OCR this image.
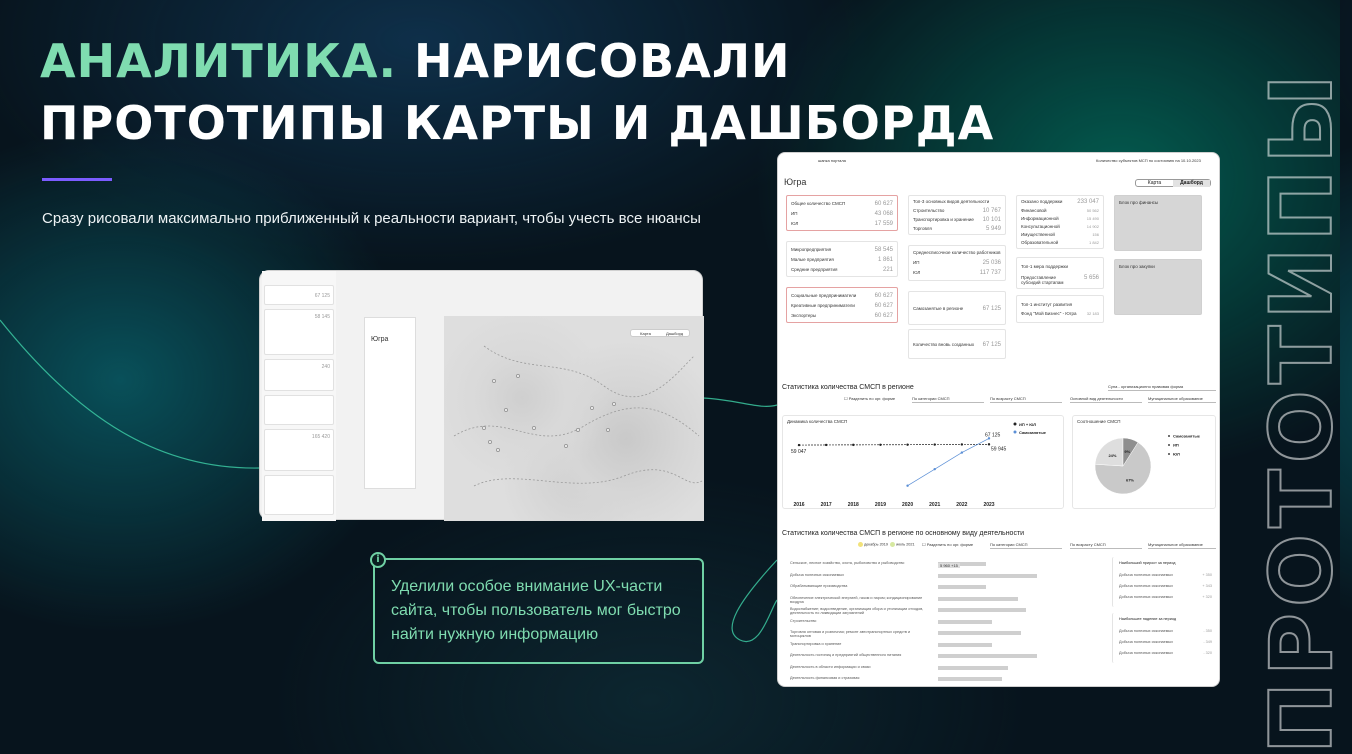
ПРОТОТИПЫ
АНАЛИТИКА. НАРИСОВАЛИ ПРОТОТИПЫ КАРТЫ И ДАШБОРДА
Сразу рисовали максимально приближенный к реальности вариант, чтобы учесть все нюансы
67 125
58 145
240
165 420
Югра
Карта	Дашборд
i
Уделили особое внимание UX-части сайта, чтобы пользователь мог быстро найти нужную информацию
шапка портала	Количество субъектов МСП по состоянию на 10.10.2023
Югра	Карта	Дашборд
Общее количество СМСП	60 627
ИП	43 068
ЮЛ	17 559
Микропредприятия	58 545
Малые предприятия	1 861
Средние предприятия	221
Социальные предприниматели	60 627
Креативные предприниматели	60 627
Экспортеры	60 627
Топ-3 основных видов деятельности
Строительство	10 767
Транспортировка и хранение 10 101
Торговля	5 949
Среднесписочное количество работников
ИП	25 036
ЮЛ	117 737
Самозанятые в регионе	67 125
Количество вновь созданных 67 125
Оказано поддержки 233 047
Финансовой	50 562
Информационной	15 490
Консультационной	14 902
Имущественной	156
Образовательной	1 842
Топ-1 мера поддержки
Предоставление субсидий стартапам
5 656
Топ-1 институт развития
Фонд "Мой Бизнес" - Югра	32 183
Блок про финансы
Блок про закупки
Статистика количества СМСП в регионе	Суна - организационно правовая форма
☐ Разделить по орг. форме	По категории СМСП	По возрасту СМСП	Основной вид деятельности	Муниципальное образование
Динамика количества СМСП
2016	2017	2018	2019	2020	2021	2022	2023
59 047
67 125
59 945
ИП + ЮЛ
Самозанятые
Соотношение СМСП
67%
24%
9%
Самозанятые
ИП
ЮЛ
Статистика количества СМСП в регионе по основному виду деятельности
декабрь 2019	июль 2021 ☐ Разделить по орг. форме	По категории СМСП	По возрасту СМСП	Муниципальное образование
Сельское, лесное хозяйство, охота, рыболовство и рыбоводство
Добыча полезных ископаемых
Обрабатывающие производства
Обеспечение электрической энергией, газом и паром; кондиционирование воздуха
Водоснабжение; водоотведение, организация сбора и утилизации отходов, деятельность по ликвидации загрязнений
Строительство
Торговля оптовая и розничная; ремонт автотранспортных средств и мотоциклов
Транспортировка и хранение
Деятельность гостиниц и предприятий общественного питания
Деятельность в области информации и связи
Деятельность финансовая и страховая
5 960 +15	Наибольший прирост за период
Добыча полезных ископаемых	+ 350
Добыча полезных ископаемых	+ 343
Добыча полезных ископаемых	+ 320
Наибольшее падение за период
Добыча полезных ископаемых	- 350
Добыча полезных ископаемых	- 349
Добыча полезных ископаемых	- 320
